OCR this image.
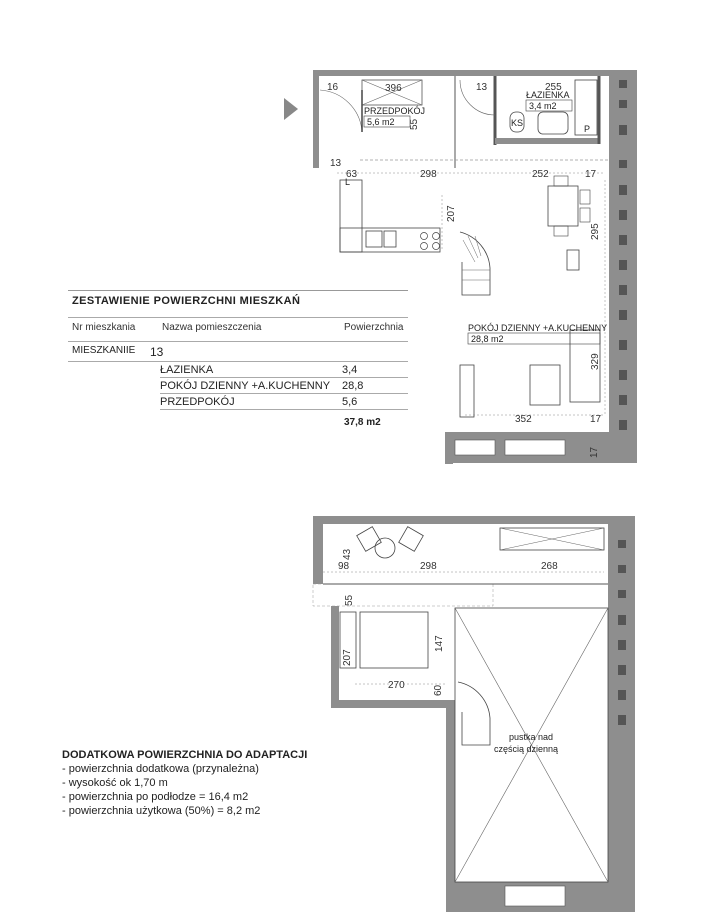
16	396	13	255
55
13
63	298	252	17
207
295
329
352	17
17
L
KS
P
PRZEDPOKÓJ
5,6 m2
ŁAZIENKA
3,4 m2
POKÓJ DZIENNY +A.KUCHENNY
28,8 m2
43
98	298	268
55
147
207
270	60
pustka nad
częścią dzienną
ZESTAWIENIE POWIERZCHNI MIESZKAŃ
Nr mieszkania	Nazwa pomieszczenia	Powierzchnia
MIESZKANIIE	13
ŁAZIENKA	3,4
POKÓJ DZIENNY +A.KUCHENNY	28,8
PRZEDPOKÓJ	5,6
37,8 m2
DODATKOWA POWIERZCHNIA DO ADAPTACJI
- powierzchnia dodatkowa (przynależna)
- wysokość ok 1,70 m
- powierzchnia po podłodze = 16,4 m2
- powierzchnia użytkowa (50%) = 8,2 m2
